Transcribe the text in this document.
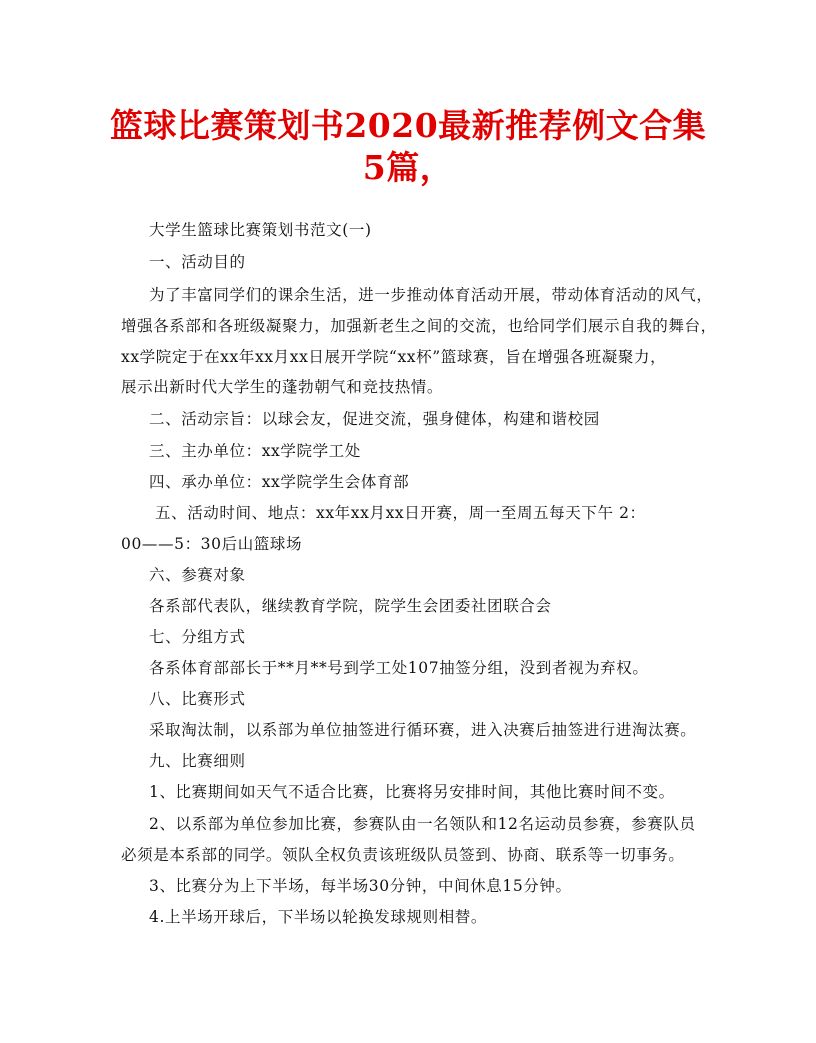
篮球比赛策划书2020最新推荐例文合集
5篇，
大学生篮球比赛策划书范文(一)
一、活动目的
为了丰富同学们的课余生活，进一步推动体育活动开展，带动体育活动的风气，
增强各系部和各班级凝聚力，加强新老生之间的交流，也给同学们展示自我的舞台，
xx学院定于在xx年xx月xx日展开学院“xx杯”篮球赛，旨在增强各班凝聚力，
展示出新时代大学生的蓬勃朝气和竞技热情。
二、活动宗旨：以球会友，促进交流，强身健体，构建和谐校园
三、主办单位：xx学院学工处
四、承办单位：xx学院学生会体育部
五、活动时间、地点：xx年xx月xx日开赛，周一至周五每天下午 2：
00——5：30后山篮球场
六、参赛对象
各系部代表队，继续教育学院，院学生会团委社团联合会
七、分组方式
各系体育部部长于**月**号到学工处107抽签分组，没到者视为弃权。
八、比赛形式
采取淘汰制，以系部为单位抽签进行循环赛，进入决赛后抽签进行进淘汰赛。
九、比赛细则
1、比赛期间如天气不适合比赛，比赛将另安排时间，其他比赛时间不变。
2、以系部为单位参加比赛，参赛队由一名领队和12名运动员参赛，参赛队员
必须是本系部的同学。领队全权负责该班级队员签到、协商、联系等一切事务。
3、比赛分为上下半场，每半场30分钟，中间休息15分钟。
4.上半场开球后，下半场以轮换发球规则相替。
